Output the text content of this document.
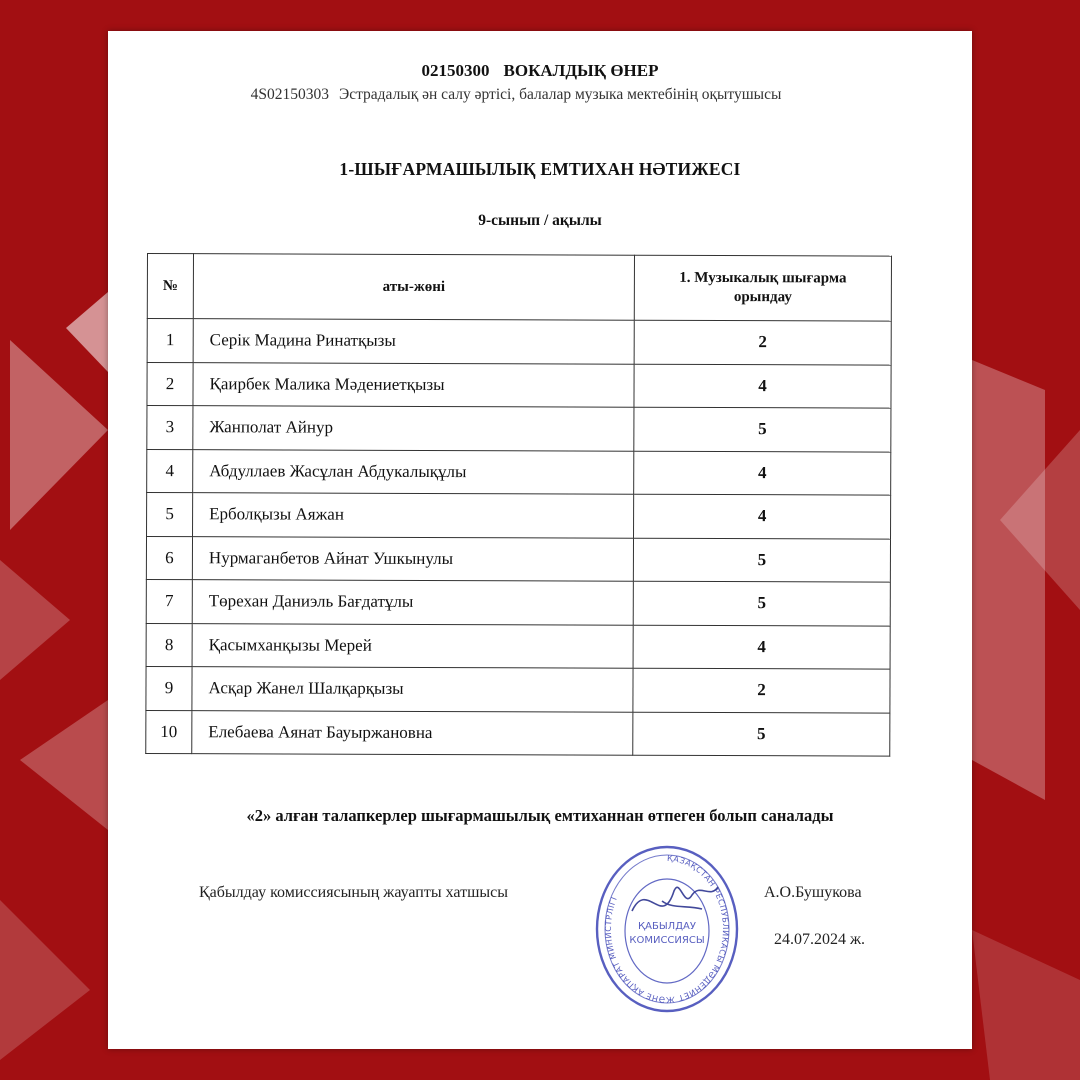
02150300 ВОКАЛДЫҚ ӨНЕР
4S02150303 Эстрадалық ән салу әртісі, балалар музыка мектебінің оқытушысы
1-ШЫҒАРМАШЫЛЫҚ ЕМТИХАН НӘТИЖЕСІ
9-сынып / ақылы
№	аты-жөні	1. Музыкалық шығарма
орындау
1	Серік Мадина Ринатқызы	2
2	Қаирбек Малика Мәдениетқызы	4
3	Жанполат Айнур	5
4	Абдуллаев Жасұлан Абдукалықұлы	4
5	Ерболқызы Аяжан	4
6	Нурмаганбетов Айнат Ушкынулы	5
7	Төрехан Даниэль Бағдатұлы	5
8	Қасымханқызы Мерей	4
9	Асқар Жанел Шалқарқызы	2
10	Елебаева Аянат Бауыржановна	5
«2» алған талапкерлер шығармашылық емтиханнан өтпеген болып саналады
Қабылдау комиссиясының жауапты хатшысы	А.О.Бушукова
24.07.2024 ж.
ҚАЗАҚСТАН РЕСПУБЛИКАСЫ МӘДЕНИЕТ ЖӘНЕ АҚПАРАТ МИНИСТРЛІГІ
ҚАБЫЛДАУ
КОМИССИЯСЫ
